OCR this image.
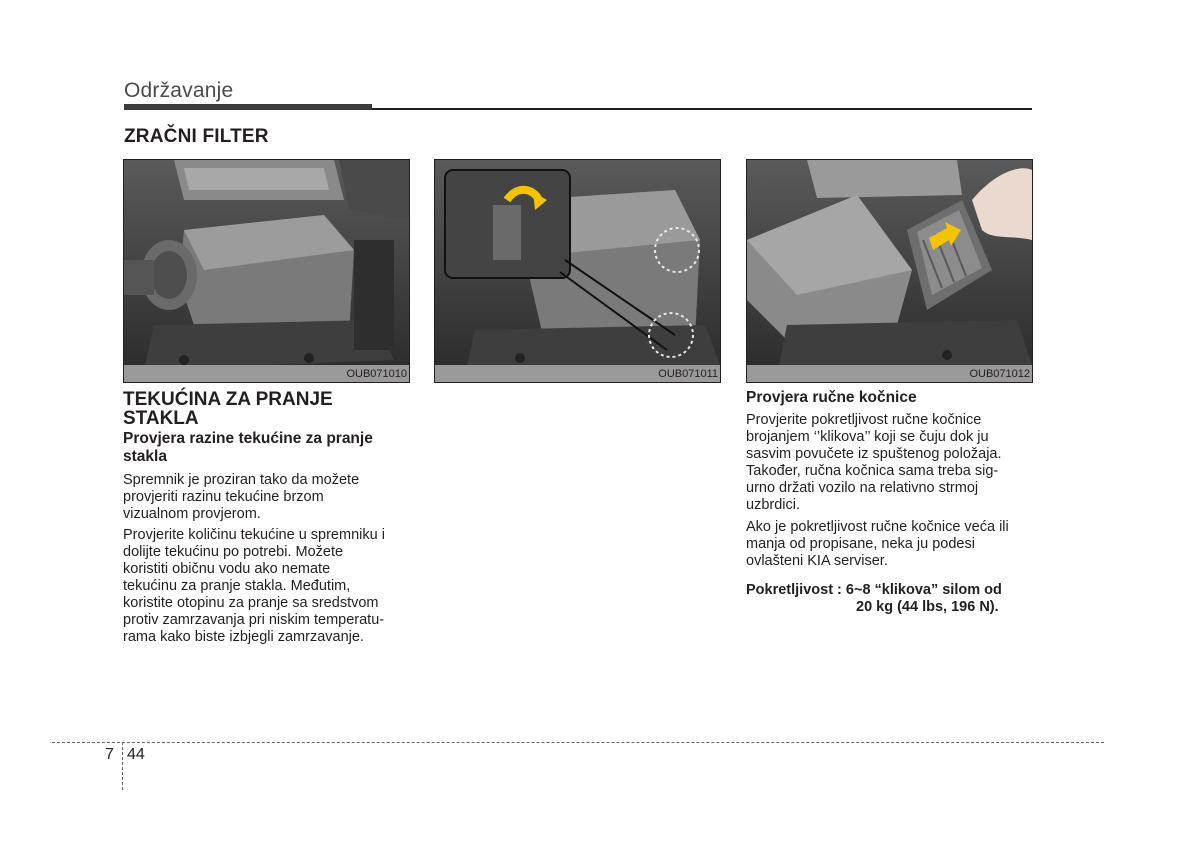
Održavanje
ZRAČNI FILTER
OUB071010	OUB071011	OUB071012
TEKUĆINA ZA PRANJE
STAKLA
Provjera razine tekućine za pranje
stakla
Spremnik je proziran tako da možete
provjeriti razinu tekućine brzom
vizualnom provjerom.
Provjerite količinu tekućine u spremniku i
dolijte tekućinu po potrebi. Možete
koristiti običnu vodu ako nemate
tekućinu za pranje stakla. Međutim,
koristite otopinu za pranje sa sredstvom
protiv zamrzavanja pri niskim temperatu-
rama kako biste izbjegli zamrzavanje.
Provjera ručne kočnice
Provjerite pokretljivost ručne kočnice
brojanjem ‘’klikova’’ koji se čuju dok ju
sasvim povučete iz spuštenog položaja.
Također, ručna kočnica sama treba sig-
urno držati vozilo na relativno strmoj
uzbrdici.
Ako je pokretljivost ručne kočnice veća ili
manja od propisane, neka ju podesi
ovlašteni KIA serviser.
Pokretljivost : 6~8 “klikova” silom od
20 kg (44 lbs, 196 N).
7 44
